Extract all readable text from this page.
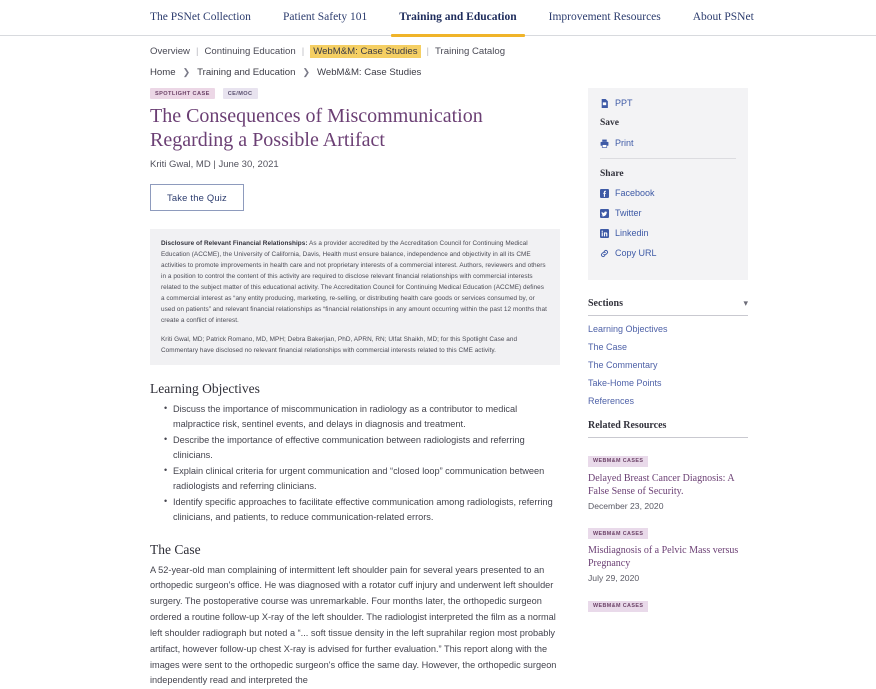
The PSNet Collection	Patient Safety 101	Training and Education	Improvement Resources	About PSNet
Overview | Continuing Education | WebM&M: Case Studies | Training Catalog
Home ❯ Training and Education ❯ WebM&M: Case Studies
SPOTLIGHT CASE	CE/MOC
The Consequences of Miscommunication Regarding a Possible Artifact
Kriti Gwal, MD | June 30, 2021
Take the Quiz

Disclosure of Relevant Financial Relationships: As a provider accredited by the Accreditation Council for Continuing Medical Education (ACCME), the University of California, Davis, Health must ensure balance, independence and objectivity in all its CME activities to promote improvements in health care and not proprietary interests of a commercial interest. Authors, reviewers and others in a position to control the content of this activity are required to disclose relevant financial relationships with commercial interests related to the subject matter of this educational activity. The Accreditation Council for Continuing Medical Education (ACCME) defines a commercial interest as “any entity producing, marketing, re-selling, or distributing health care goods or services consumed by, or used on patients” and relevant financial relationships as “financial relationships in any amount occurring within the past 12 months that create a conflict of interest.

Kriti Gwal, MD; Patrick Romano, MD, MPH; Debra Bakerjian, PhD, APRN, RN; Ulfat Shaikh, MD; for this Spotlight Case and Commentary have disclosed no relevant financial relationships with commercial interests related to this CME activity.

Learning Objectives
• Discuss the importance of miscommunication in radiology as a contributor to medical malpractice risk, sentinel events, and delays in diagnosis and treatment.
• Describe the importance of effective communication between radiologists and referring clinicians.
• Explain clinical criteria for urgent communication and “closed loop” communication between radiologists and referring clinicians.
• Identify specific approaches to facilitate effective communication among radiologists, referring clinicians, and patients, to reduce communication-related errors.
The Case

A 52-year-old man complaining of intermittent left shoulder pain for several years presented to an orthopedic surgeon's office. He was diagnosed with a rotator cuff injury and underwent left shoulder surgery. The postoperative course was unremarkable. Four months later, the orthopedic surgeon ordered a routine follow-up X-ray of the left shoulder. The radiologist interpreted the film as a normal left shoulder radiograph but noted a “... soft tissue density in the left suprahilar region most probably artifact, however follow-up chest X-ray is advised for further evaluation.” This report along with the images were sent to the orthopedic surgeon's office the same day. However, the orthopedic surgeon independently read and interpreted the

PPT
Save
Print
Share
Facebook
Twitter
Linkedin
Copy URL
Sections	▾
Learning Objectives
The Case
The Commentary
Take-Home Points
References
Related Resources
WEBM&M CASES
Delayed Breast Cancer Diagnosis: A False Sense of Security.
December 23, 2020
WEBM&M CASES
Misdiagnosis of a Pelvic Mass versus Pregnancy
July 29, 2020
WEBM&M CASES
